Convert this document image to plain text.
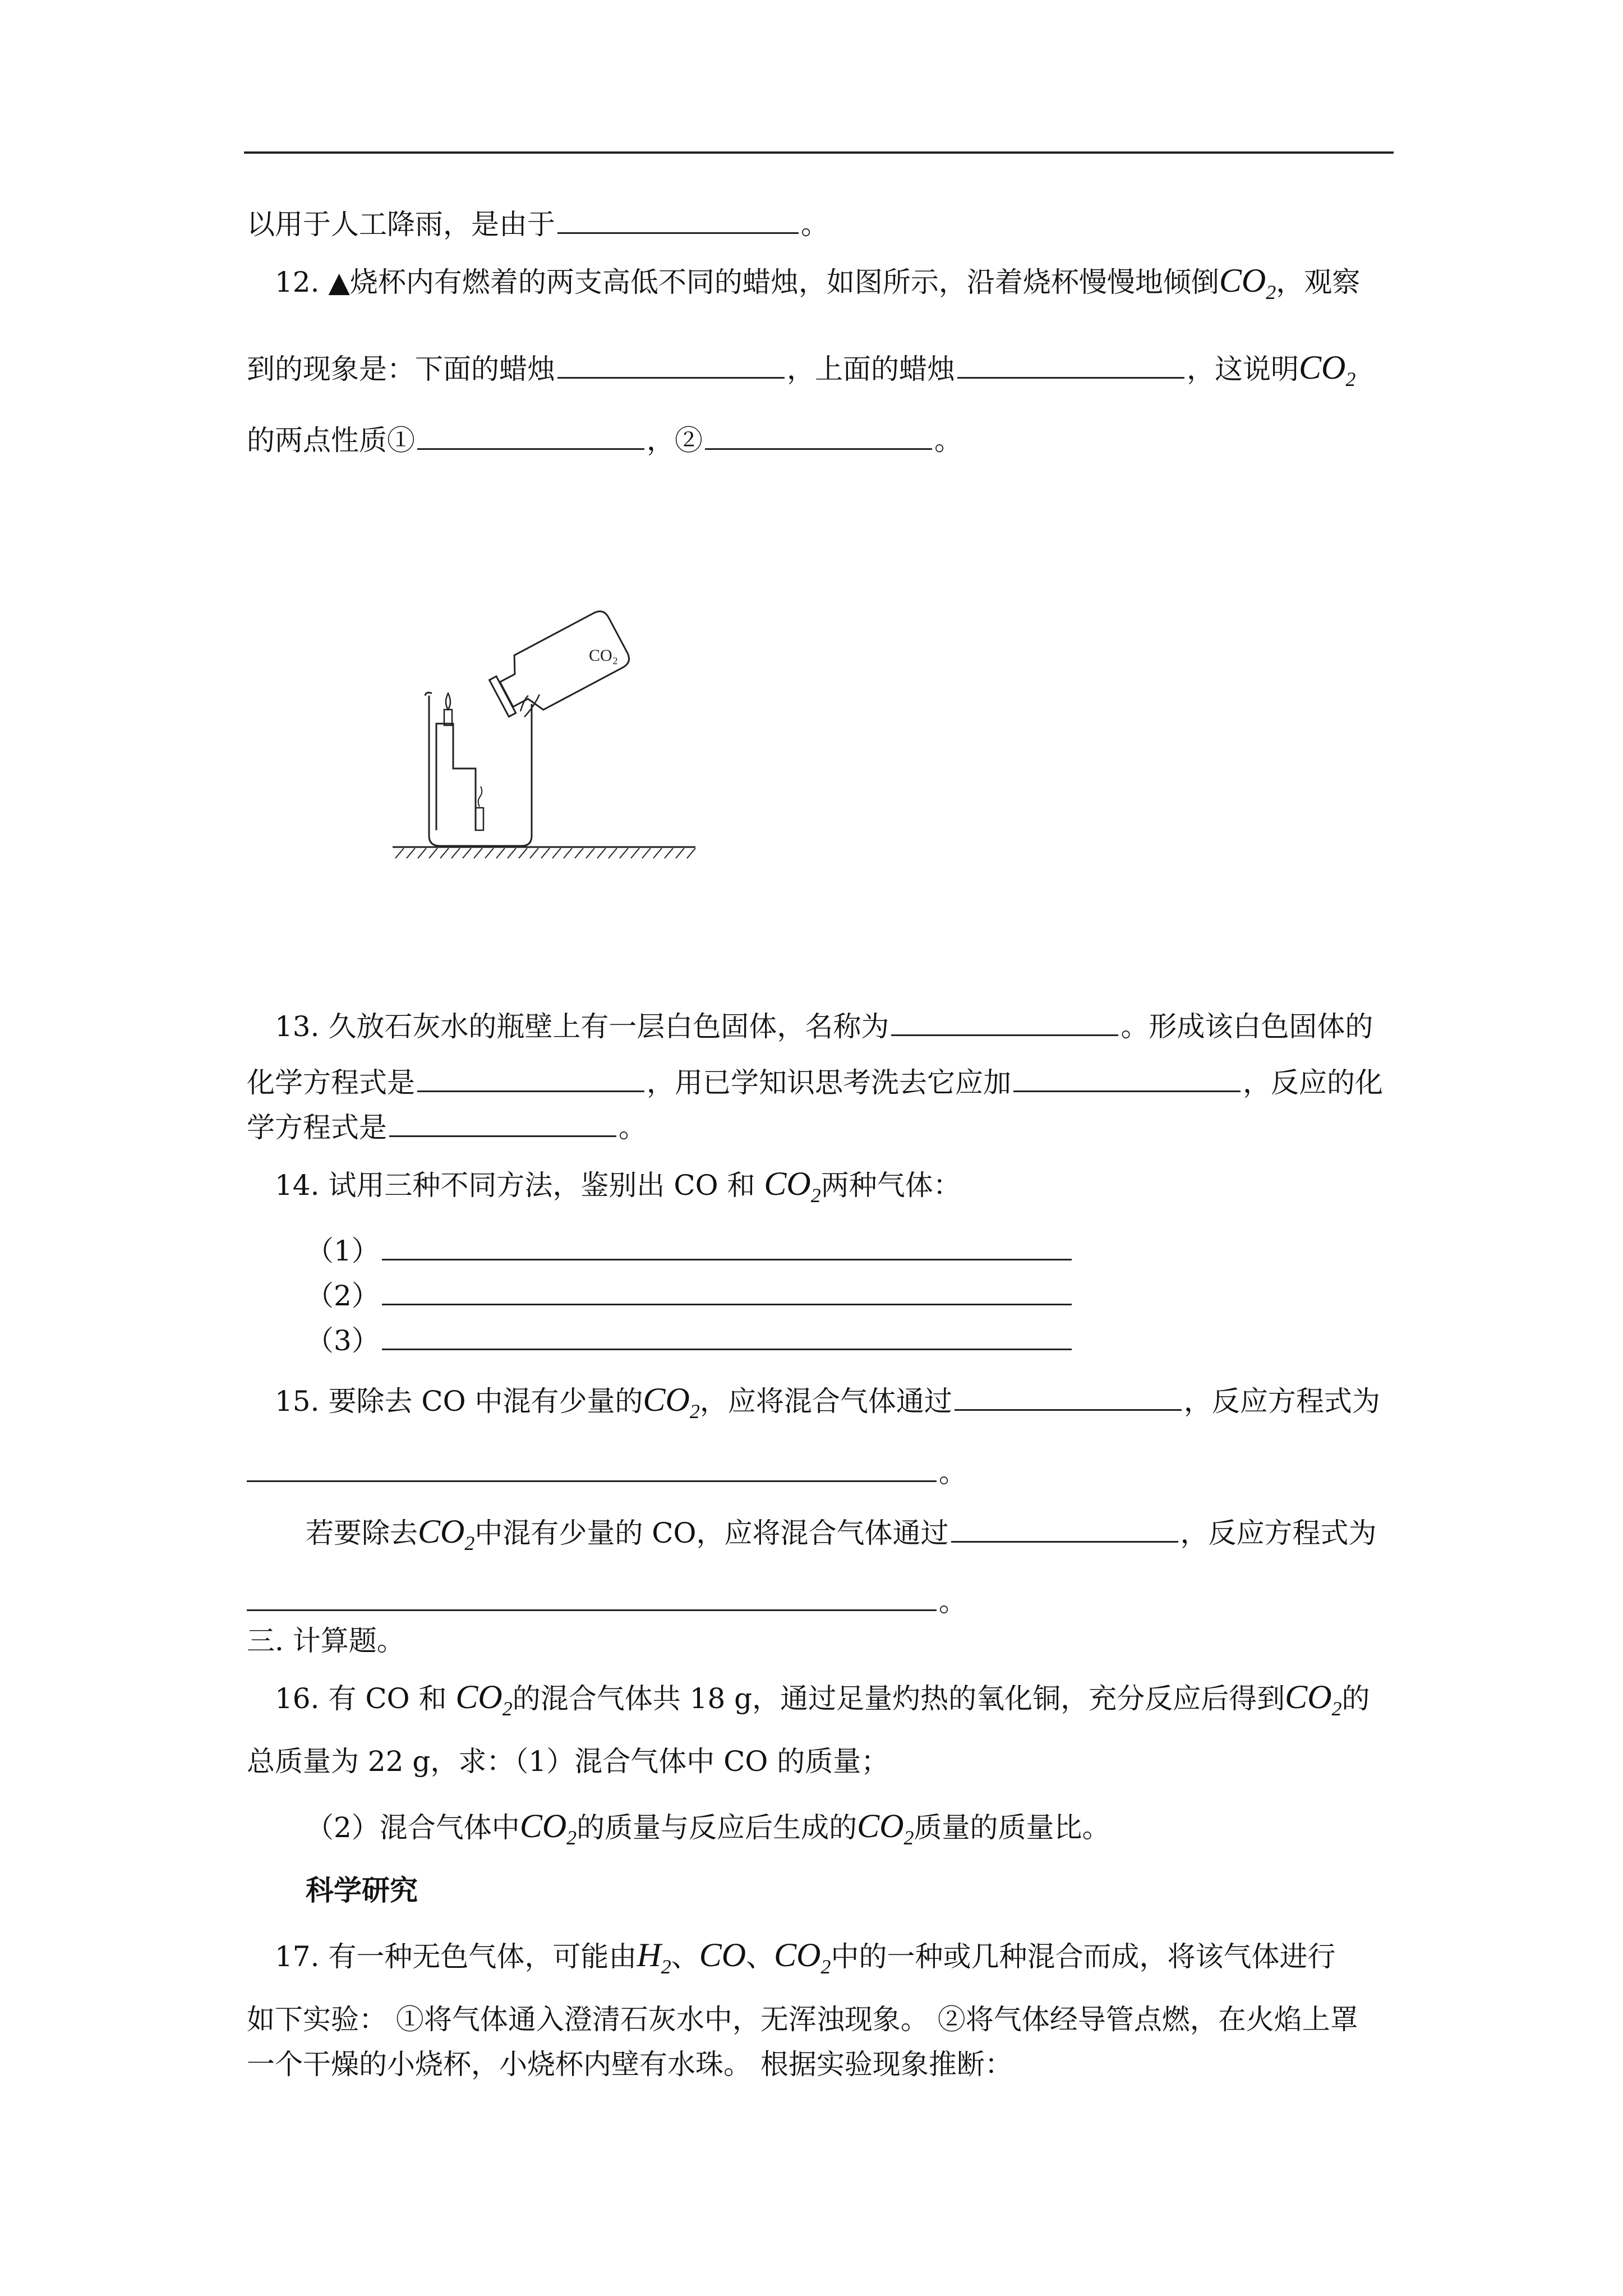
以用于人工降雨，是由于	。
12. ▲烧杯内有燃着的两支高低不同的蜡烛，如图所示，沿着烧杯慢慢地倾倒$CO_2$，观察
到的现象是：下面的蜡烛	，上面的蜡烛	，这说明$CO_2$
的两点性质①	，②	。
CO₂
13. 久放石灰水的瓶壁上有一层白色固体，名称为	。形成该白色固体的
化学方程式是	，用已学知识思考洗去它应加	，反应的化
学方程式是	。
14. 试用三种不同方法，鉴别出 CO 和 $CO_2$两种气体：
（1）
（2）
（3）
15. 要除去 CO 中混有少量的$CO_2$，应将混合气体通过	，反应方程式为
。
若要除去$CO_2$中混有少量的 CO，应将混合气体通过	，反应方程式为
。
三. 计算题。
16. 有 CO 和 $CO_2$的混合气体共 18 g，通过足量灼热的氧化铜，充分反应后得到$CO_2$的
总质量为 22 g，求：（1）混合气体中 CO 的质量；
（2）混合气体中$CO_2$的质量与反应后生成的$CO_2$质量的质量比。
科学研究
17. 有一种无色气体，可能由$H_2$、CO、$CO_2$中的一种或几种混合而成，将该气体进行
如下实验： ①将气体通入澄清石灰水中，无浑浊现象。 ②将气体经导管点燃，在火焰上罩
一个干燥的小烧杯，小烧杯内壁有水珠。 根据实验现象推断：
